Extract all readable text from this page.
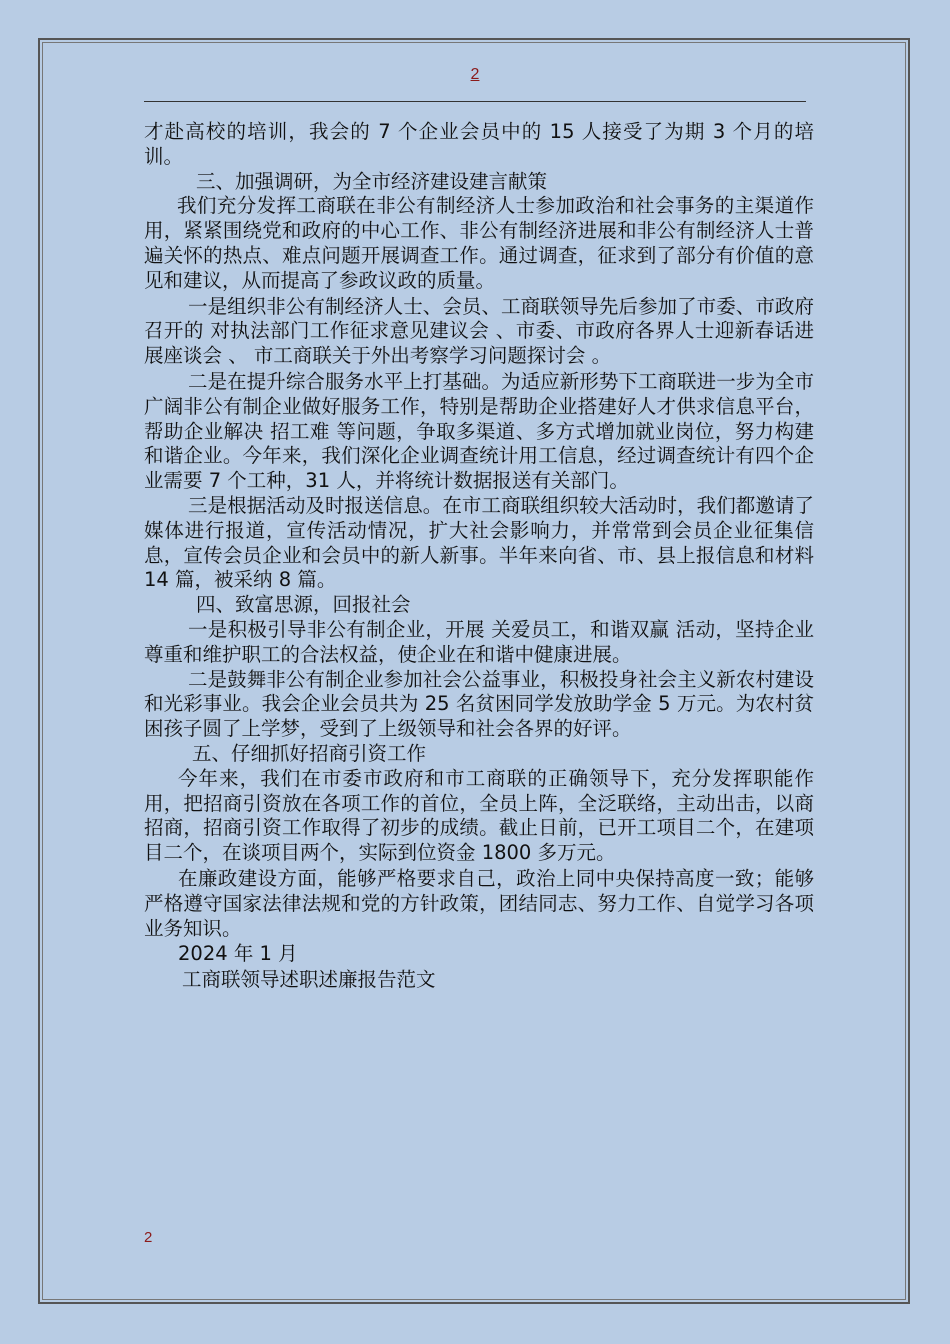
2

才赴高校的培训，我会的 7 个企业会员中的 15 人接受了为期 3 个月的培训。

三、加强调研，为全市经济建设建言献策

我们充分发挥工商联在非公有制经济人士参加政治和社会事务的主渠道作用，紧紧围绕党和政府的中心工作、非公有制经济进展和非公有制经济人士普遍关怀的热点、难点问题开展调查工作。通过调查，征求到了部分有价值的意见和建议，从而提高了参政议政的质量。

一是组织非公有制经济人士、会员、工商联领导先后参加了市委、市政府召开的 对执法部门工作征求意见建议会 、市委、市政府各界人士迎新春话进展座谈会 、 市工商联关于外出考察学习问题探讨会 。

二是在提升综合服务水平上打基础。为适应新形势下工商联进一步为全市广阔非公有制企业做好服务工作，特别是帮助企业搭建好人才供求信息平台，帮助企业解决 招工难 等问题，争取多渠道、多方式增加就业岗位，努力构建和谐企业。今年来，我们深化企业调查统计用工信息，经过调查统计有四个企业需要 7 个工种，31 人，并将统计数据报送有关部门。

三是根据活动及时报送信息。在市工商联组织较大活动时，我们都邀请了媒体进行报道，宣传活动情况，扩大社会影响力，并常常到会员企业征集信息，宣传会员企业和会员中的新人新事。半年来向省、市、县上报信息和材料 14 篇，被采纳 8 篇。

四、致富思源，回报社会

一是积极引导非公有制企业，开展 关爱员工，和谐双赢 活动，坚持企业尊重和维护职工的合法权益，使企业在和谐中健康进展。

二是鼓舞非公有制企业参加社会公益事业，积极投身社会主义新农村建设和光彩事业。我会企业会员共为 25 名贫困同学发放助学金 5 万元。为农村贫困孩子圆了上学梦，受到了上级领导和社会各界的好评。

五、仔细抓好招商引资工作

今年来，我们在市委市政府和市工商联的正确领导下，充分发挥职能作用，把招商引资放在各项工作的首位，全员上阵，全泛联络，主动出击，以商招商，招商引资工作取得了初步的成绩。截止日前，已开工项目二个，在建项目二个，在谈项目两个，实际到位资金 1800 多万元。

在廉政建设方面，能够严格要求自己，政治上同中央保持高度一致；能够严格遵守国家法律法规和党的方针政策，团结同志、努力工作、自觉学习各项业务知识。

2024 年 1 月

工商联领导述职述廉报告范文

2
